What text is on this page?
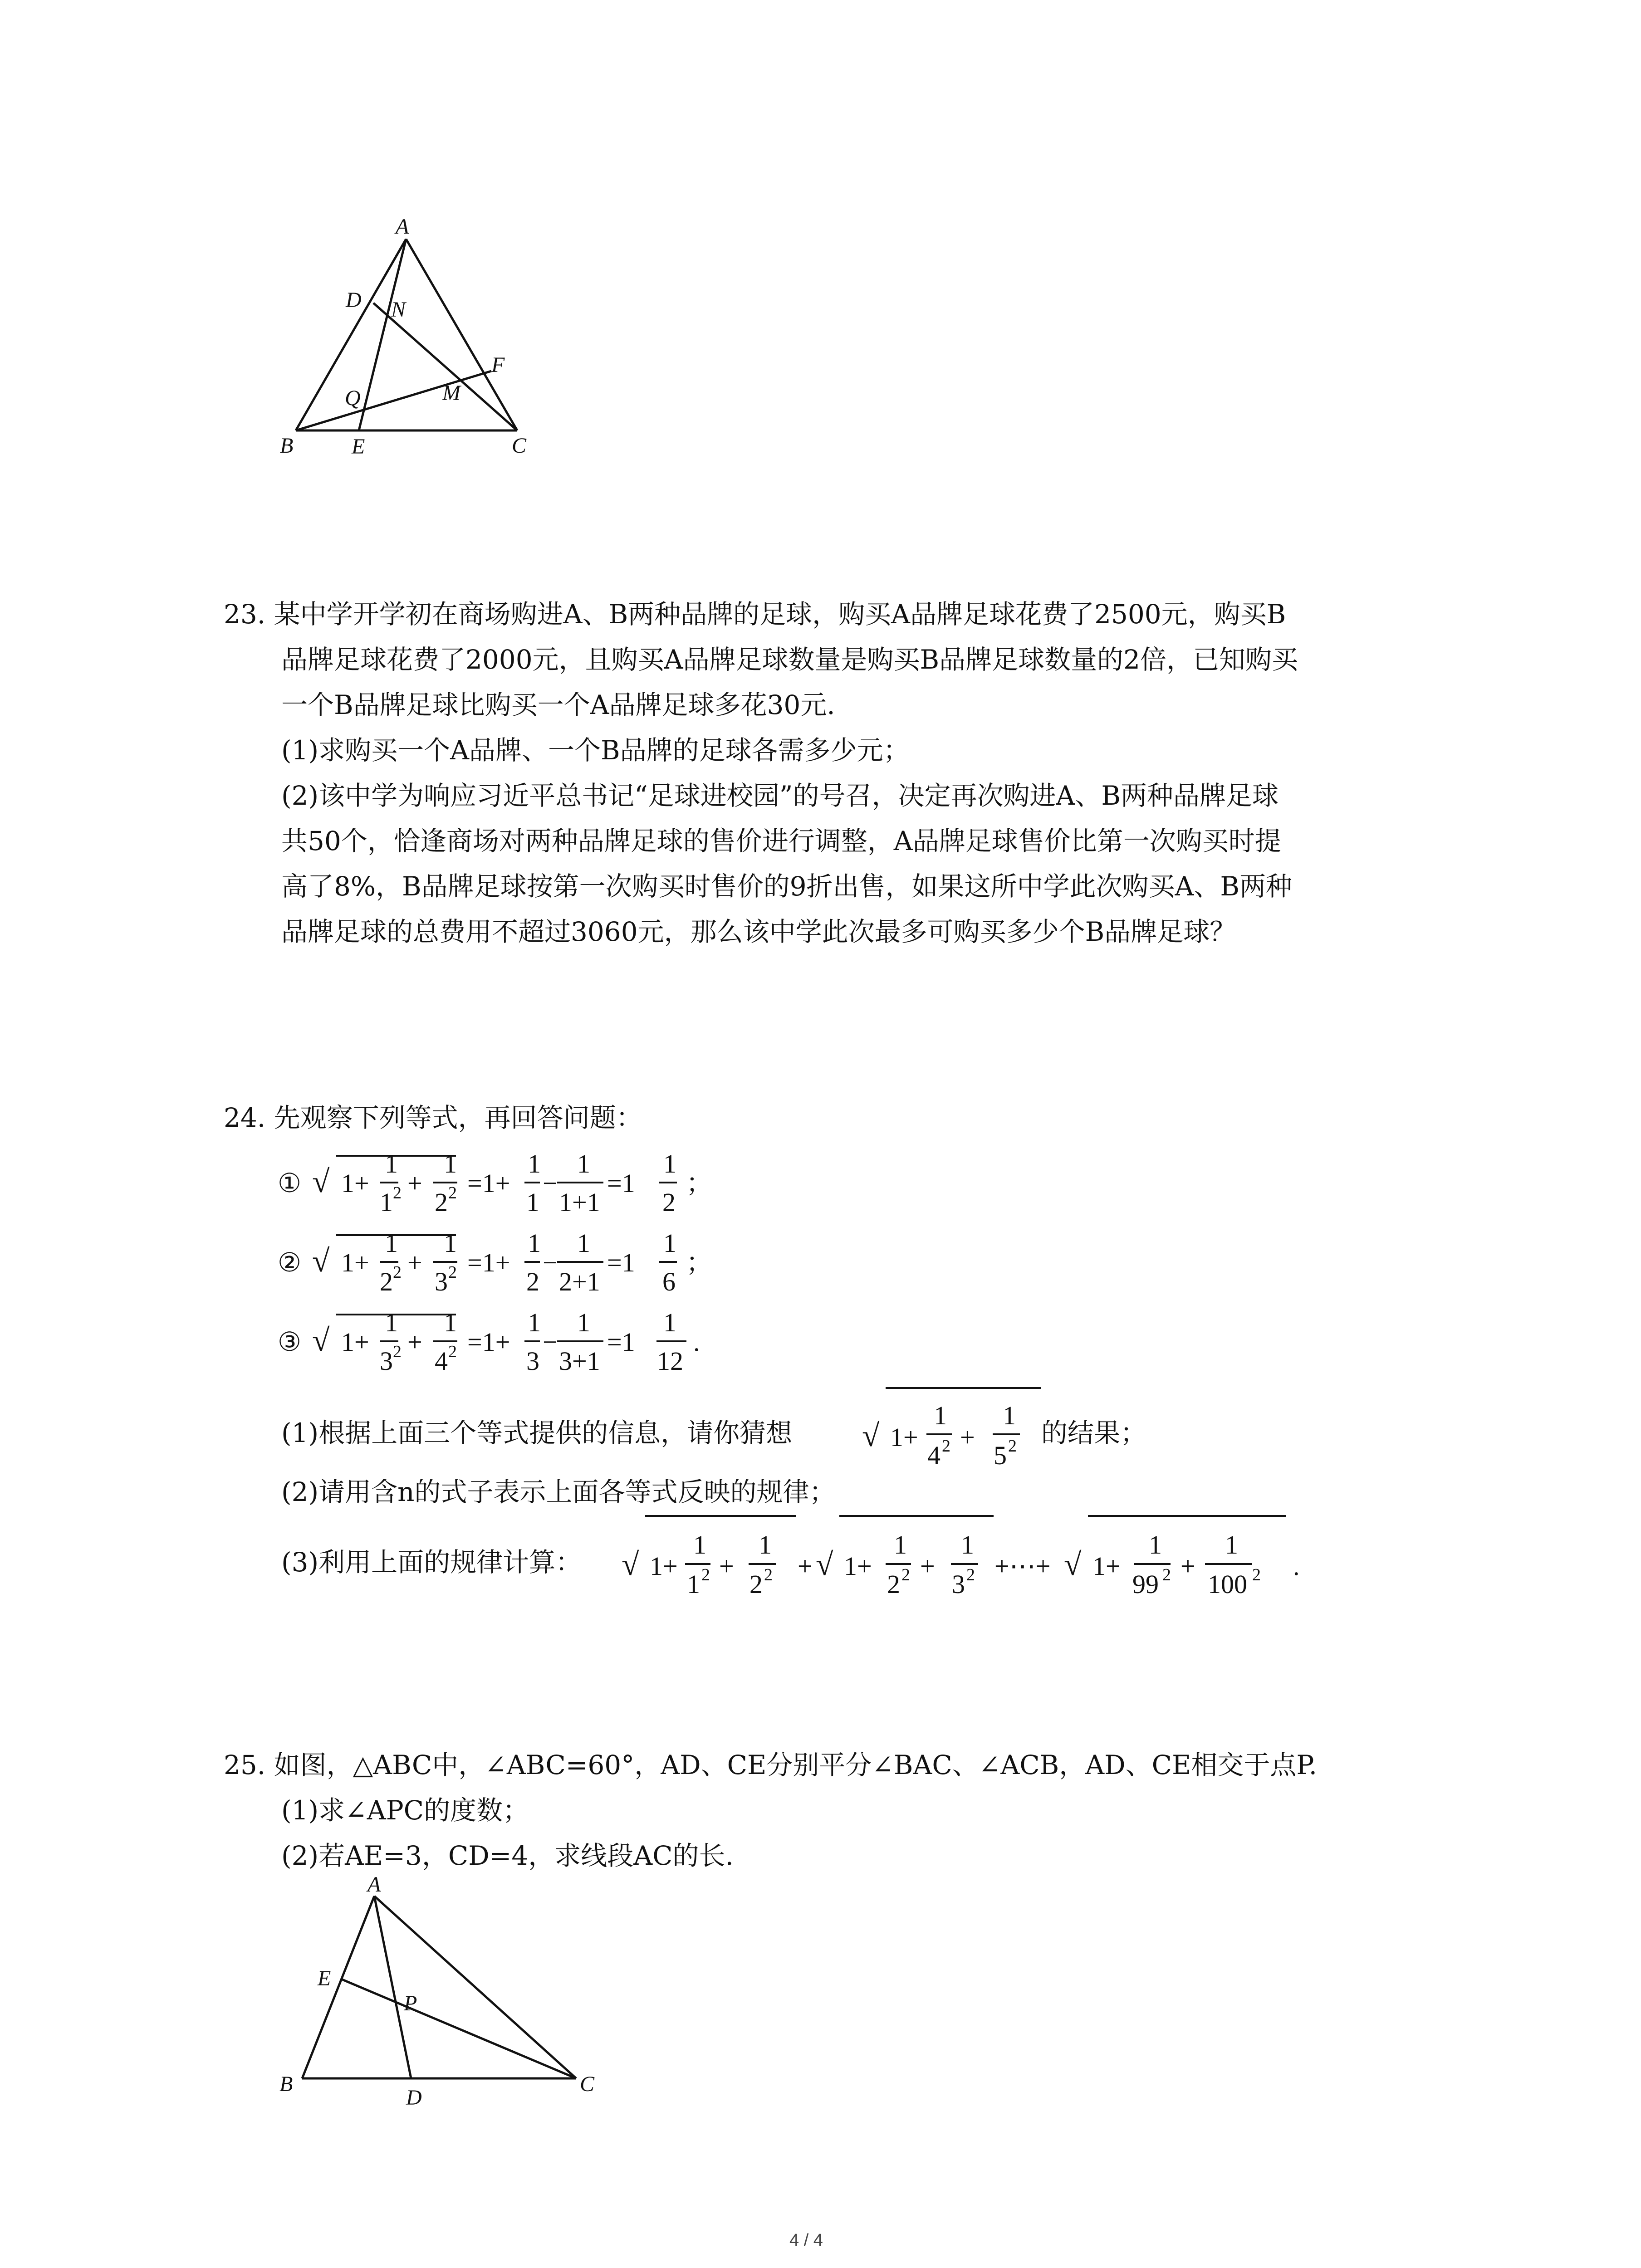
A
D N
F
Q	M
B	E	C
23. 某中学开学初在商场购进A、B两种品牌的足球，购买A品牌足球花费了2500元，购买B
品牌足球花费了2000元，且购买A品牌足球数量是购买B品牌足球数量的2倍，已知购买
一个B品牌足球比购买一个A品牌足球多花30元.
(1)求购买一个A品牌、一个B品牌的足球各需多少元；
(2)该中学为响应习近平总书记“足球进校园”的号召，决定再次购进A、B两种品牌足球
共50个，恰逢商场对两种品牌足球的售价进行调整，A品牌足球售价比第一次购买时提
高了8%，B品牌足球按第一次购买时售价的9折出售，如果这所中学此次购买A、B两种
品牌足球的总费用不超过3060元，那么该中学此次最多可购买多少个B品牌足球？
24. 先观察下列等式，再回答问题：
① √ 1+
1
1 2 +
1
2 2 =1+
1
1
−
1
1+1
=1
1
2
；
② √ 1+
1
2 2 +
1
3 2 =1+
1
2
−
1
2+1
=1
1
6
；
③ √ 1+
1
3 2 +
1
4 2 =1+
1
3
−
1
3+1
=1
1
12
.
(1)根据上面三个等式提供的信息，请你猜想 √ 1+
1
4 2 +
1
5 2 的结果；
(2)请用含n的式子表示上面各等式反映的规律；
(3)利用上面的规律计算： √ 1+
1
1 2 +
1
2 2 + √ 1+
1
2 2 +
1
3 2 +⋯+ √ 1+
1
99 2 +
1
100 2 .
25. 如图，△ABC中，∠ABC=60°，AD、CE分别平分∠BAC、∠ACB，AD、CE相交于点P.
(1)求∠APC的度数；
(2)若AE=3，CD=4，求线段AC的长.
A
E
P
B
D
C
4 / 4
